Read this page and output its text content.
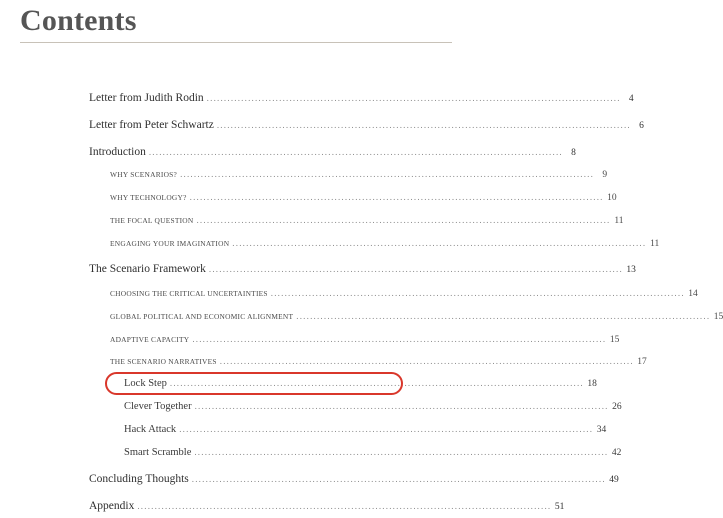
Contents
Letter from Judith Rodin ........................................................................................................................ 4
Letter from Peter Schwartz ........................................................................................................................ 6
Introduction ........................................................................................................................ 8
WHY SCENARIOS? ........................................................................................................................ 9
WHY TECHNOLOGY? ........................................................................................................................ 10
THE FOCAL QUESTION ........................................................................................................................ 11
ENGAGING YOUR IMAGINATION ........................................................................................................................ 11
The Scenario Framework ........................................................................................................................ 13
CHOOSING THE CRITICAL UNCERTAINTIES ........................................................................................................................ 14
GLOBAL POLITICAL AND ECONOMIC ALIGNMENT ........................................................................................................................ 15
ADAPTIVE CAPACITY ........................................................................................................................ 15
THE SCENARIO NARRATIVES ........................................................................................................................ 17
Lock Step ........................................................................................................................ 18
Clever Together ........................................................................................................................ 26
Hack Attack ........................................................................................................................ 34
Smart Scramble ........................................................................................................................ 42
Concluding Thoughts ........................................................................................................................ 49
Appendix ........................................................................................................................ 51
